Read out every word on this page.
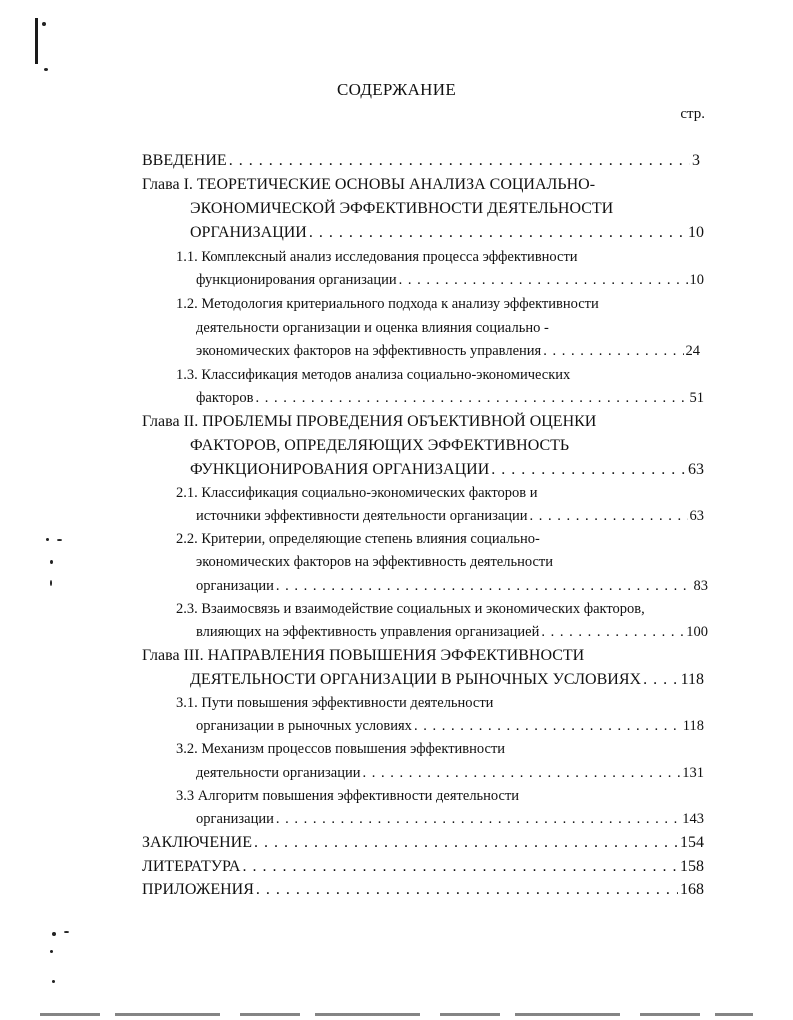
СОДЕРЖАНИЕ
стр.
ВВЕДЕНИЕ . . .	3
Глава I. ТЕОРЕТИЧЕСКИЕ ОСНОВЫ АНАЛИЗА СОЦИАЛЬНО-
ЭКОНОМИЧЕСКОЙ ЭФФЕКТИВНОСТИ ДЕЯТЕЛЬНОСТИ
ОРГАНИЗАЦИИ . . .	10
1.1. Комплексный анализ исследования процесса эффективности
функционирования организации . . .	10
1.2. Методология критериального подхода к анализу эффективности
деятельности организации и оценка влияния социально -
экономических факторов на эффективность управления . . .	24
1.3. Классификация методов анализа социально-экономических
факторов . . .	51
Глава II. ПРОБЛЕМЫ ПРОВЕДЕНИЯ ОБЪЕКТИВНОЙ ОЦЕНКИ
ФАКТОРОВ, ОПРЕДЕЛЯЮЩИХ ЭФФЕКТИВНОСТЬ
ФУНКЦИОНИРОВАНИЯ ОРГАНИЗАЦИИ . . .	63
2.1. Классификация социально-экономических факторов и
источники эффективности деятельности организации . . .	63
2.2. Критерии, определяющие степень влияния социально-
экономических факторов на эффективность деятельности
организации . . .	83
2.3. Взаимосвязь и взаимодействие социальных и экономических факторов,
влияющих на эффективность управления организацией . . .	100
Глава III. НАПРАВЛЕНИЯ ПОВЫШЕНИЯ ЭФФЕКТИВНОСТИ
ДЕЯТЕЛЬНОСТИ ОРГАНИЗАЦИИ В РЫНОЧНЫХ УСЛОВИЯХ . . . 118
3.1. Пути повышения эффективности деятельности
организации в рыночных условиях . . .	118
3.2. Механизм процессов повышения эффективности
деятельности организации . . .	131
3.3 Алгоритм повышения эффективности деятельности
организации . . .	143
ЗАКЛЮЧЕНИЕ . . .	154
ЛИТЕРАТУРА . . .	158
ПРИЛОЖЕНИЯ . . .	168
